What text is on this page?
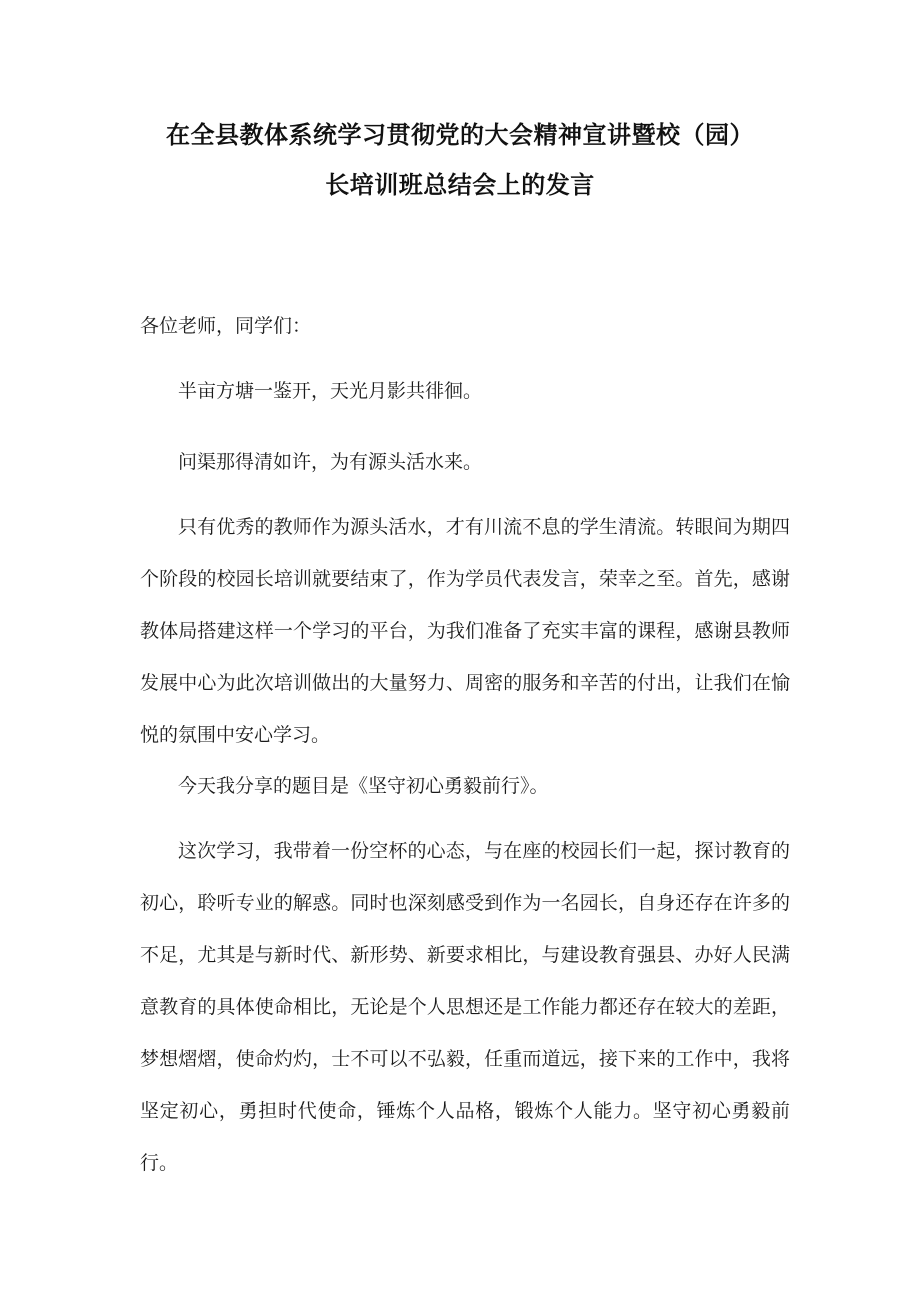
在全县教体系统学习贯彻党的大会精神宣讲暨校（园）
长培训班总结会上的发言
各位老师，同学们：

半亩方塘一鉴开，天光月影共徘徊。

问渠那得清如许，为有源头活水来。

只有优秀的教师作为源头活水，才有川流不息的学生清流。转眼间为期四个阶段的校园长培训就要结束了，作为学员代表发言，荣幸之至。首先，感谢教体局搭建这样一个学习的平台，为我们准备了充实丰富的课程，感谢县教师发展中心为此次培训做出的大量努力、周密的服务和辛苦的付出，让我们在愉悦的氛围中安心学习。

今天我分享的题目是《坚守初心勇毅前行》。

这次学习，我带着一份空杯的心态，与在座的校园长们一起，探讨教育的初心，聆听专业的解惑。同时也深刻感受到作为一名园长，自身还存在许多的不足，尤其是与新时代、新形势、新要求相比，与建设教育强县、办好人民满意教育的具体使命相比，无论是个人思想还是工作能力都还存在较大的差距，梦想熠熠，使命灼灼，士不可以不弘毅，任重而道远，接下来的工作中，我将坚定初心，勇担时代使命，锤炼个人品格，锻炼个人能力。坚守初心勇毅前行。
